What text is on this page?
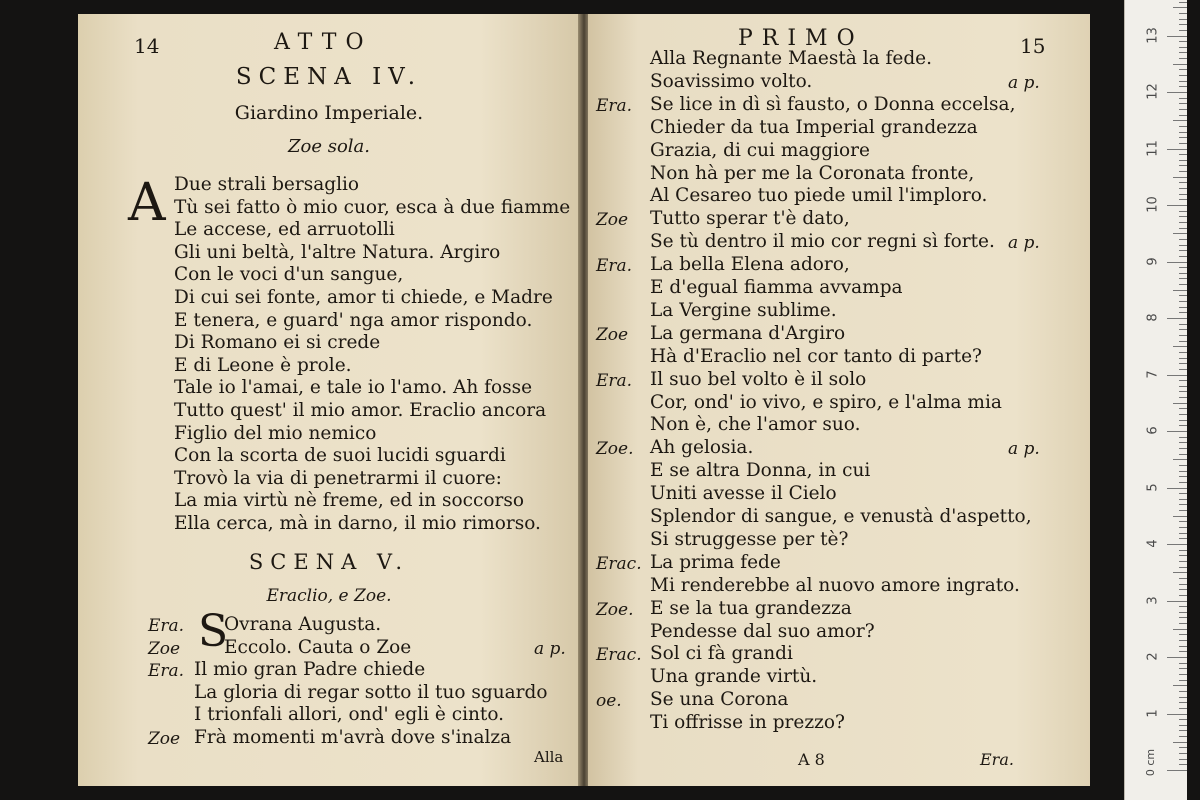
14	ATTO
SCENA IV.
Giardino Imperiale.
Zoe sola.
A Due strali bersaglio
Tù sei fatto ò mio cuor, esca à due fiamme
Le accese, ed arruotolli
Gli uni beltà, l'altre Natura. Argiro
Con le voci d'un sangue,
Di cui sei fonte, amor ti chiede, e Madre
E tenera, e guard' nga amor rispondo.
Di Romano ei si crede
E di Leone è prole.
Tale io l'amai, e tale io l'amo. Ah fosse
Tutto quest' il mio amor. Eraclio ancora
Figlio del mio nemico
Con la scorta de suoi lucidi sguardi
Trovò la via di penetrarmi il cuore:
La mia virtù nè freme, ed in soccorso
Ella cerca, mà in darno, il mio rimorso.
SCENA V.
Eraclio, e Zoe.
S
Era. Ovrana Augusta.
Zoe Eccolo. Cauta o Zoe	a p.
Era. Il mio gran Padre chiede
La gloria di regar sotto il tuo sguardo
I trionfali allori, ond' egli è cinto.
Zoe Frà momenti m'avrà dove s'inalza
Alla
PRIMO	15
Alla Regnante Maestà la fede.
Soavissimo volto.	a p.
Era. Se lice in dì sì fausto, o Donna eccelsa,
Chieder da tua Imperial grandezza
Grazia, di cui maggiore
Non hà per me la Coronata fronte,
Al Cesareo tuo piede umil l'imploro.
Zoe Tutto sperar t'è dato,
Se tù dentro il mio cor regni sì forte. a p.
Era. La bella Elena adoro,
E d'egual fiamma avvampa
La Vergine sublime.
Zoe La germana d'Argiro
Hà d'Eraclio nel cor tanto di parte?
Era. Il suo bel volto è il solo
Cor, ond' io vivo, e spiro, e l'alma mia
Non è, che l'amor suo.
Zoe. Ah gelosia.	a p.
E se altra Donna, in cui
Uniti avesse il Cielo
Splendor di sangue, e venustà d'aspetto,
Si struggesse per tè?
Erac. La prima fede
Mi renderebbe al nuovo amore ingrato.
Zoe. E se la tua grandezza
Pendesse dal suo amor?
Erac. Sol ci fà grandi
Una grande virtù.
oe. Se una Corona
Ti offrisse in prezzo?
A 8	Era.
1
2
3
4
5
6
7
8
9
10
11
12
13
0 cm
